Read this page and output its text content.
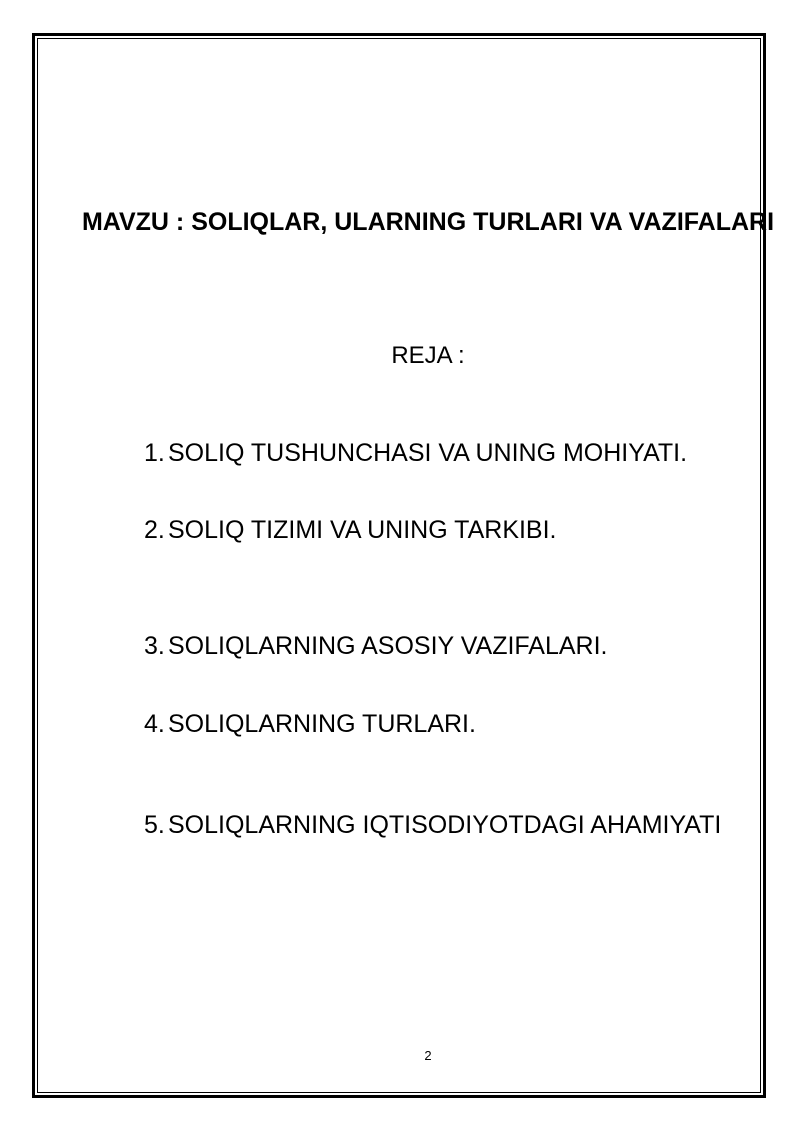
MAVZU : SOLIQLAR, ULARNING TURLARI VA VAZIFALARI
REJA :
1. SOLIQ TUSHUNCHASI VA UNING MOHIYATI.
2. SOLIQ TIZIMI VA UNING TARKIBI.
3. SOLIQLARNING ASOSIY VAZIFALARI.
4. SOLIQLARNING TURLARI.
5. SOLIQLARNING IQTISODIYOTDAGI AHAMIYATI
2
